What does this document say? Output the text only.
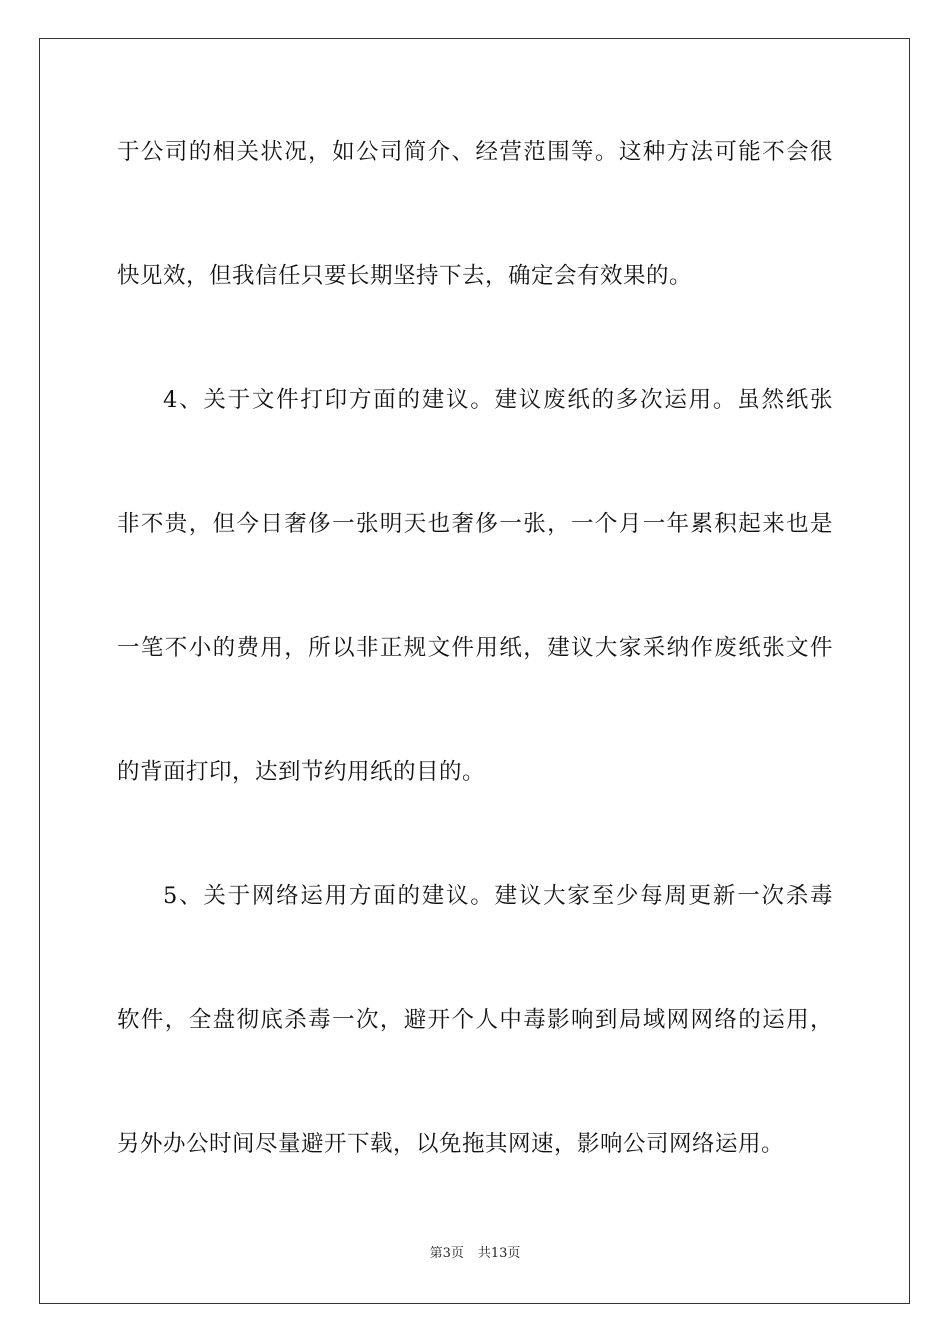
于公司的相关状况，如公司简介、经营范围等。这种方法可能不会很
快见效，但我信任只要长期坚持下去，确定会有效果的。
4、关于文件打印方面的建议。建议废纸的多次运用。虽然纸张
非不贵，但今日奢侈一张明天也奢侈一张，一个月一年累积起来也是
一笔不小的费用，所以非正规文件用纸，建议大家采纳作废纸张文件
的背面打印，达到节约用纸的目的。
5、关于网络运用方面的建议。建议大家至少每周更新一次杀毒
软件，全盘彻底杀毒一次，避开个人中毒影响到局域网网络的运用，
另外办公时间尽量避开下载，以免拖其网速，影响公司网络运用。
第3页 共13页
